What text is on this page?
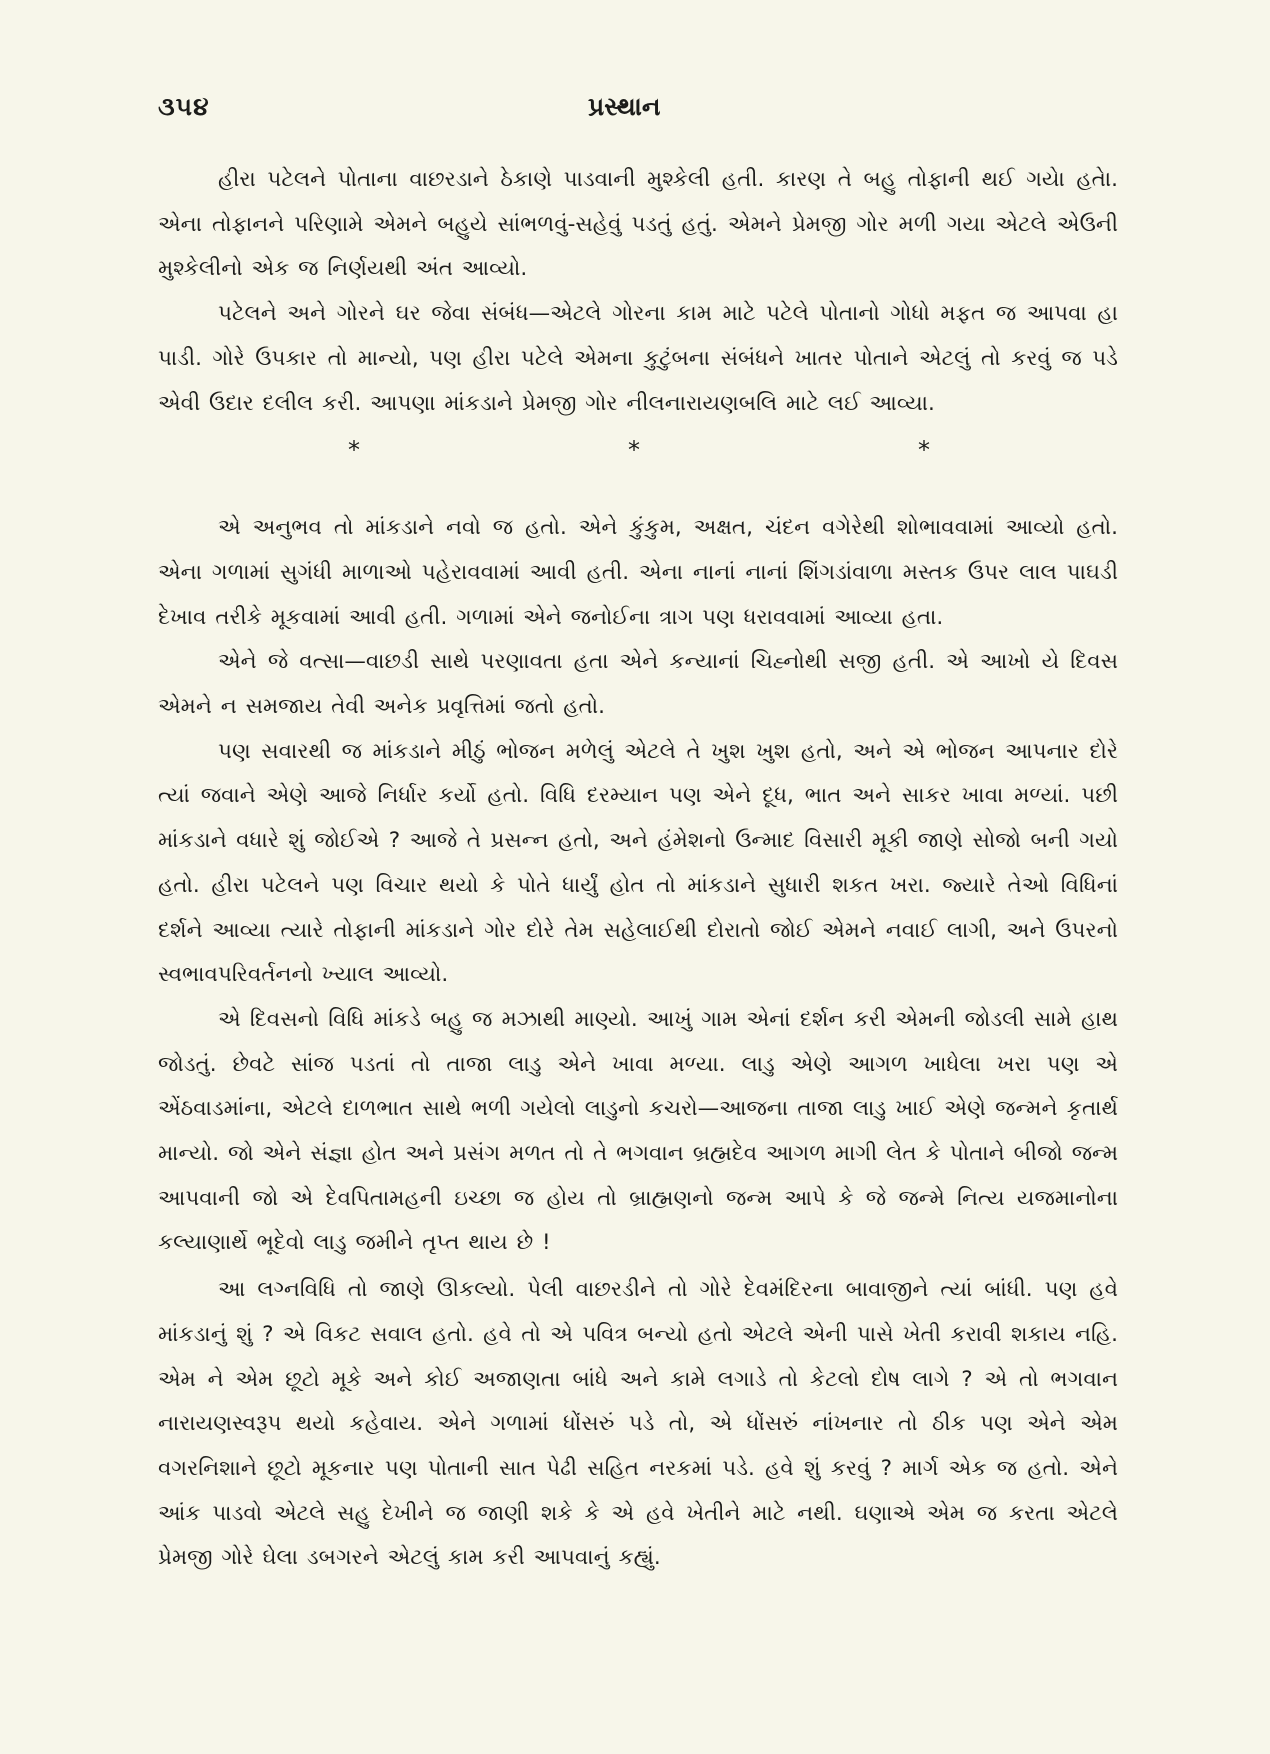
૩૫૪	પ્રસ્થાન

હીરા પટેલને પોતાના વાછરડાને ઠેકાણે પાડવાની મુશ્કેલી હતી. કારણ તે બહુ તોફાની થઈ ગયેા હતેા. એના તોફાનને પરિણામે એમને બહુયે સાંભળવું-સહેવું પડતું હતું. એમને પ્રેમજી ગોર મળી ગયા એટલે એઉની મુશ્કેલીનો એક જ નિર્ણયથી અંત આવ્યો.

પટેલને અને ગોરને ઘર જેવા સંબંધ—એટલે ગોરના કામ માટે પટેલે પોતાનો ગોધો મફત જ આપવા હા પાડી. ગોરે ઉપકાર તો માન્યો, પણ હીરા પટેલે એમના કુટુંબના સંબંધને ખાતર પોતાને એટલું તો કરવું જ પડે એવી ઉદાર દલીલ કરી. આપણા માંકડાને પ્રેમજી ગોર નીલનારાયણબલિ માટે લઈ આવ્યા.

*	*	*

એ અનુભવ તો માંકડાને નવો જ હતો. એને કુંકુમ, અક્ષત, ચંદન વગેરેથી શોભાવવામાં આવ્યો હતો. એના ગળામાં સુગંધી માળાઓ પહેરાવવામાં આવી હતી. એના નાનાં નાનાં શિંગડાંવાળા મસ્તક ઉપર લાલ પાઘડી દેખાવ તરીકે મૂકવામાં આવી હતી. ગળામાં એને જનોઈના ત્રાગ પણ ધરાવવામાં આવ્યા હતા.

એને જે વત્સા—વાછડી સાથે પરણાવતા હતા એને કન્યાનાં ચિહ્નોથી સજી હતી. એ આખો યે દિવસ એમને ન સમજાય તેવી અનેક પ્રવૃત્તિમાં જતો હતો.

પણ સવારથી જ માંકડાને મીઠું ભોજન મળેલું એટલે તે ખુશ ખુશ હતો, અને એ ભોજન આપનાર દોરે ત્યાં જવાને એણે આજે નિર્ધાર કર્યો હતો. વિધિ દરમ્યાન પણ એને દૂધ, ભાત અને સાકર ખાવા મળ્યાં. પછી માંકડાને વધારે શું જોઈએ ? આજે તે પ્રસન્ન હતો, અને હંમેશનો ઉન્માદ વિસારી મૂકી જાણે સોજો બની ગયો હતો. હીરા પટેલને પણ વિચાર થયો કે પોતે ધાર્યું હોત તો માંકડાને સુધારી શકત ખરા. જ્યારે તેઓ વિધિનાં દર્શને આવ્યા ત્યારે તોફાની માંકડાને ગોર દોરે તેમ સહેલાઈથી દોરાતો જોઈ એમને નવાઈ લાગી, અને ઉપરનો સ્વભાવપરિવર્તનનો ખ્યાલ આવ્યો.

એ દિવસનો વિધિ માંકડે બહુ જ મઝાથી માણ્યો. આખું ગામ એનાં દર્શન કરી એમની જોડલી સામે હાથ જોડતું. છેવટે સાંજ પડતાં તો તાજા લાડુ એને ખાવા મળ્યા. લાડુ એણે આગળ ખાધેલા ખરા પણ એ એંઠવાડમાંના, એટલે દાળભાત સાથે ભળી ગયેલો લાડુનો કચરો—આજના તાજા લાડુ ખાઈ એણે જન્મને કૃતાર્થ માન્યો. જો એને સંજ્ઞા હોત અને પ્રસંગ મળત તો તે ભગવાન બ્રહ્મદેવ આગળ માગી લેત કે પોતાને બીજો જન્મ આપવાની જો એ દેવપિતામહની ઇચ્છા જ હોય તો બ્રાહ્મણનો જન્મ આપે કે જે જન્મે નિત્ય યજમાનોના કલ્યાણાર્થે ભૂદેવો લાડુ જમીને તૃપ્ત થાય છે !

આ લગ્નવિધિ તો જાણે ઊકલ્યો. પેલી વાછરડીને તો ગોરે દેવમંદિરના બાવાજીને ત્યાં બાંધી. પણ હવે માંકડાનું શું ? એ વિકટ સવાલ હતો. હવે તો એ પવિત્ર બન્યો હતો એટલે એની પાસે ખેતી કરાવી શકાય નહિ. એમ ને એમ છૂટો મૂકે અને કોઈ અજાણતા બાંધે અને કામે લગાડે તો કેટલો દોષ લાગે ? એ તો ભગવાન નારાયણસ્વરૂપ થયો કહેવાય. એને ગળામાં ધોંસરું પડે તો, એ ધોંસરું નાંખનાર તો ઠીક પણ એને એમ વગરનિશાને છૂટો મૂકનાર પણ પોતાની સાત પેઢી સહિત નરકમાં પડે. હવે શું કરવું ? માર્ગ એક જ હતો. એને આંક પાડવો એટલે સહુ દેખીને જ જાણી શકે કે એ હવે ખેતીને માટે નથી. ઘણાએ એમ જ કરતા એટલે પ્રેમજી ગોરે ઘેલા ડબગરને એટલું કામ કરી આપવાનું કહ્યું.
